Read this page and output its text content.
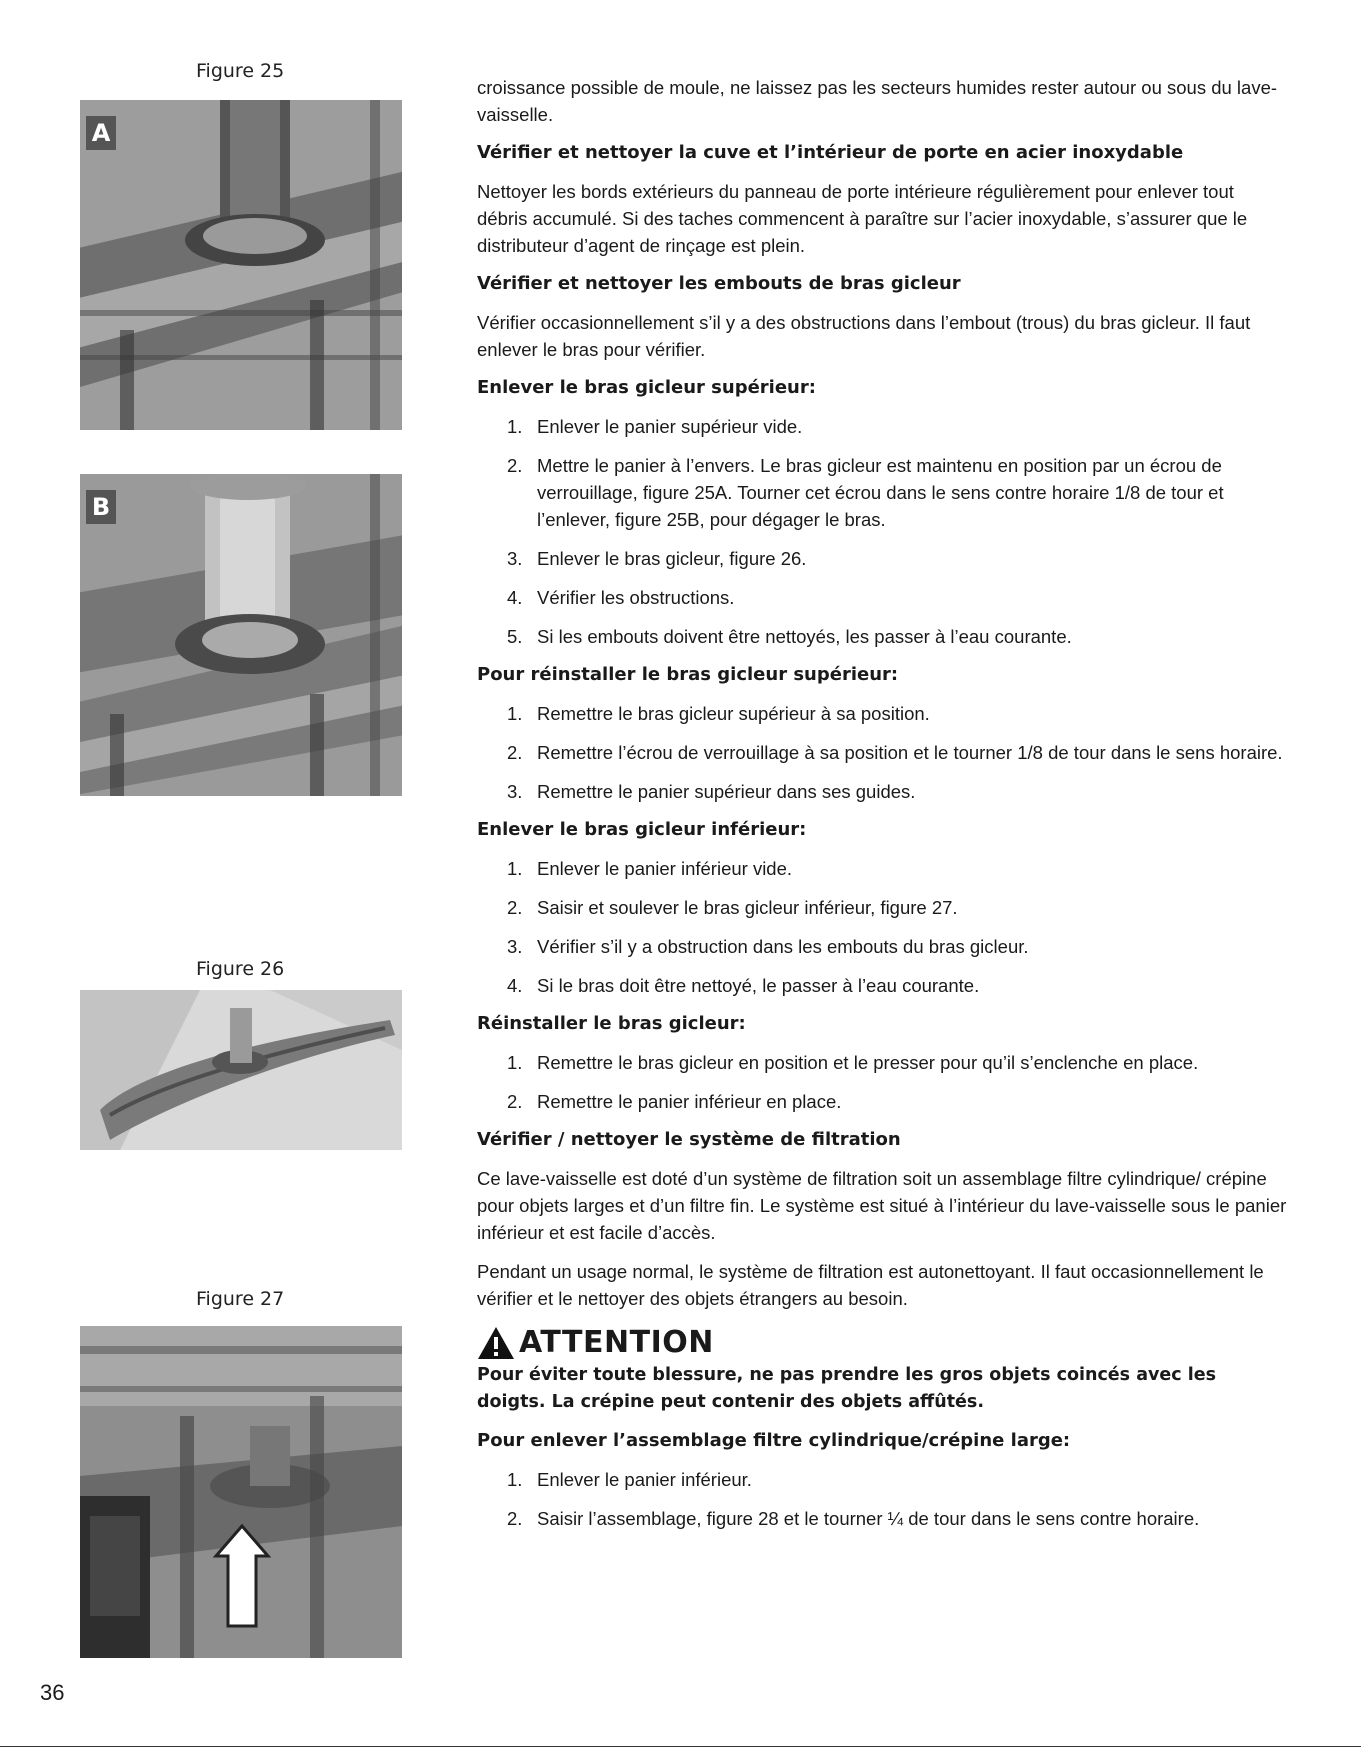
Figure 25
A
B
Figure 26
Figure 27

croissance possible de moule, ne laissez pas les secteurs humides rester autour ou sous du lave-vaisselle.

Vérifier et nettoyer la cuve et l’intérieur de porte en acier inoxydable

Nettoyer les bords extérieurs du panneau de porte intérieure régulièrement pour enlever tout débris accumulé. Si des taches commencent à paraître sur l’acier inoxydable, s’assurer que le distributeur d’agent de rinçage est plein.

Vérifier et nettoyer les embouts de bras gicleur

Vérifier occasionnellement s’il y a des obstructions dans l’embout (trous) du bras gicleur. Il faut enlever le bras pour vérifier.

Enlever le bras gicleur supérieur:
1. Enlever le panier supérieur vide.
2. Mettre le panier à l’envers. Le bras gicleur est maintenu en position par un écrou de verrouillage, figure 25A. Tourner cet écrou dans le sens contre horaire 1/8 de tour et l’enlever, figure 25B, pour dégager le bras.
3. Enlever le bras gicleur, figure 26.
4. Vérifier les obstructions.
5. Si les embouts doivent être nettoyés, les passer à l’eau courante.
Pour réinstaller le bras gicleur supérieur:
1. Remettre le bras gicleur supérieur à sa position.
2. Remettre l’écrou de verrouillage à sa position et le tourner 1/8 de tour dans le sens horaire.
3. Remettre le panier supérieur dans ses guides.
Enlever le bras gicleur inférieur:
1. Enlever le panier inférieur vide.
2. Saisir et soulever le bras gicleur inférieur, figure 27.
3. Vérifier s’il y a obstruction dans les embouts du bras gicleur.
4. Si le bras doit être nettoyé, le passer à l’eau courante.
Réinstaller le bras gicleur:
1. Remettre le bras gicleur en position et le presser pour qu’il s’enclenche en place.
2. Remettre le panier inférieur en place.
Vérifier / nettoyer le système de filtration

Ce lave-vaisselle est doté d’un système de filtration soit un assemblage filtre cylindrique/ crépine pour objets larges et d’un filtre fin. Le système est situé à l’intérieur du lave-vaisselle sous le panier inférieur et est facile d’accès.

Pendant un usage normal, le système de filtration est autonettoyant. Il faut occasionnellement le vérifier et le nettoyer des objets étrangers au besoin.

ATTENTION

Pour éviter toute blessure, ne pas prendre les gros objets coincés avec les doigts. La crépine peut contenir des objets affûtés.

Pour enlever l’assemblage filtre cylindrique/crépine large:
1. Enlever le panier inférieur.
2. Saisir l’assemblage, figure 28 et le tourner ¼ de tour dans le sens contre horaire.
36
